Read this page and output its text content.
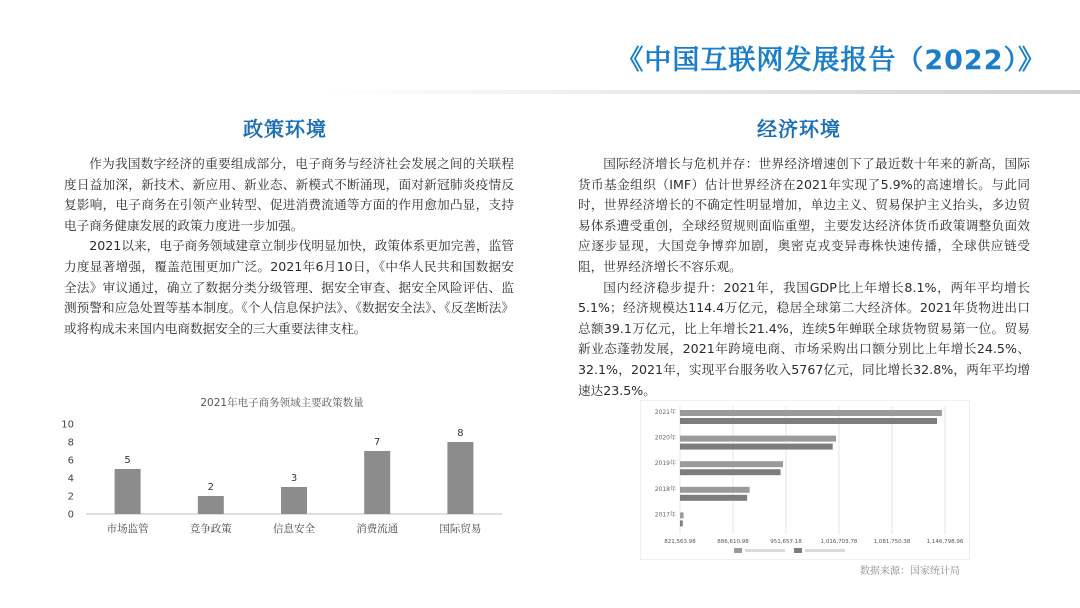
《中国互联网发展报告（2022）》
政策环境

作为我国数字经济的重要组成部分，电子商务与经济社会发展之间的关联程度日益加深，新技术、新应用、新业态、新模式不断涌现，面对新冠肺炎疫情反复影响，电子商务在引领产业转型、促进消费流通等方面的作用愈加凸显，支持电子商务健康发展的政策力度进一步加强。

2021以来，电子商务领域建章立制步伐明显加快，政策体系更加完善，监管力度显著增强，覆盖范围更加广泛。2021年6月10日，《中华人民共和国数据安全法》审议通过，确立了数据分类分级管理、据安全审查、据安全风险评估、监测预警和应急处置等基本制度。《个人信息保护法》、《数据安全法》、《反垄断法》或将构成未来国内电商数据安全的三大重要法律支柱。

2021年电子商务领域主要政策数量
0
2
4
6
8
10
5
市场监管
2
竞争政策
3
信息安全
7
消费流通
8
国际贸易
经济环境

国际经济增长与危机并存：世界经济增速创下了最近数十年来的新高，国际货币基金组织（IMF）估计世界经济在2021年实现了5.9%的高速增长。与此同时，世界经济增长的不确定性明显增加，单边主义、贸易保护主义抬头，多边贸易体系遭受重创，全球经贸规则面临重塑，主要发达经济体货币政策调整负面效应逐步显现，大国竞争博弈加剧，奥密克戎变异毒株快速传播，全球供应链受阻，世界经济增长不容乐观。

国内经济稳步提升：2021年，我国GDP比上年增长8.1%，两年平均增长5.1%；经济规模达114.4万亿元，稳居全球第二大经济体。2021年货物进出口总额39.1万亿元，比上年增长21.4%，连续5年蝉联全球货物贸易第一位。贸易新业态蓬勃发展，2021年跨境电商、市场采购出口额分别比上年增长24.5%、32.1%，2021年，实现平台服务收入5767亿元，同比增长32.8%，两年平均增速达23.5%。

2021年
2020年
2019年
2018年
2017年
821,563.98	886,610.98	951,657.18	1,016,703.78	1,081,750.38	1,146,798.96
数据来源：国家统计局
